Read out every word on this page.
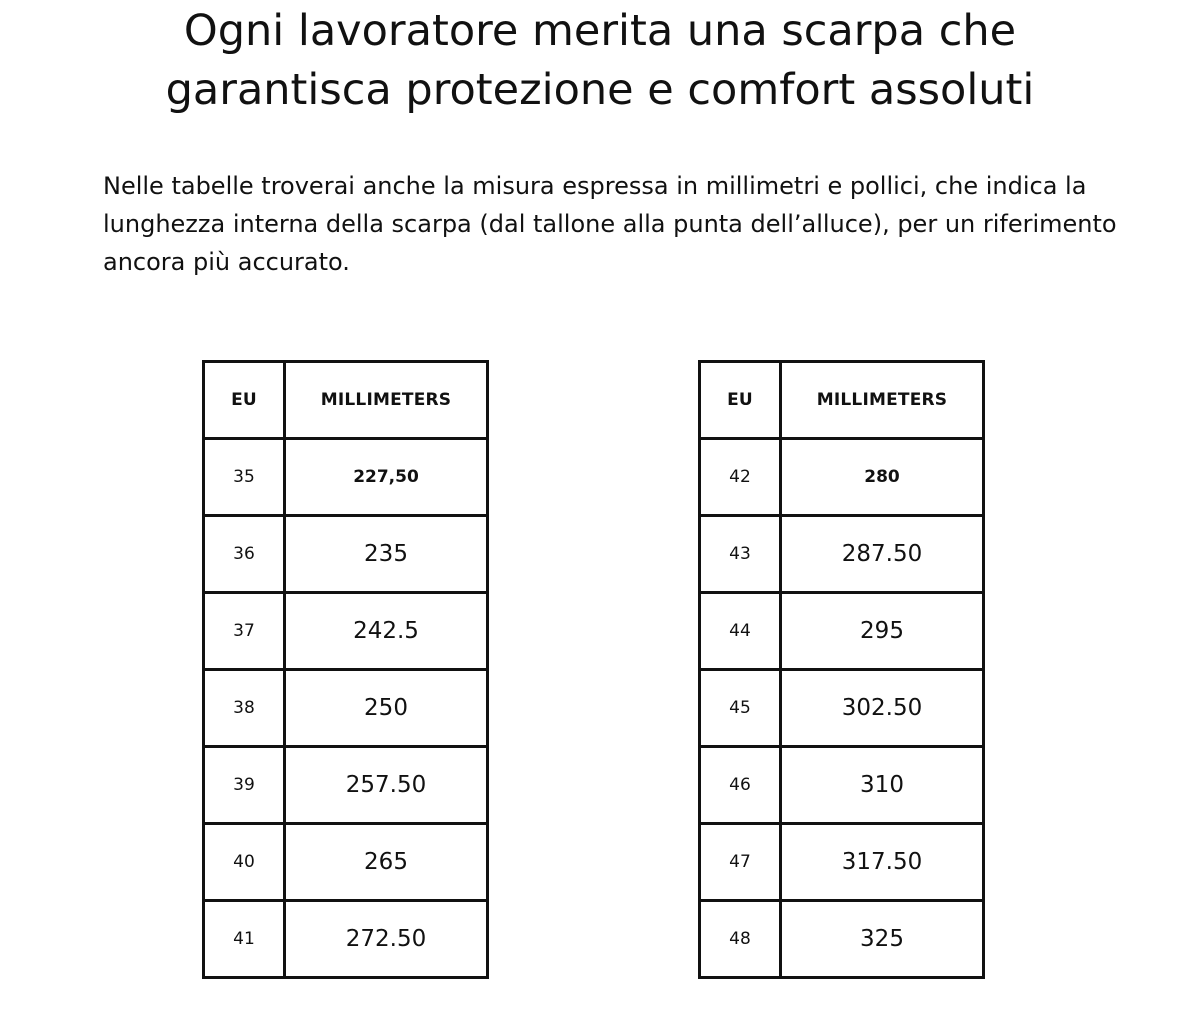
Ogni lavoratore merita una scarpa che
garantisca protezione e comfort assoluti

Nelle tabelle troverai anche la misura espressa in millimetri e pollici, che indica la lunghezza interna della scarpa (dal tallone alla punta dell’alluce), per un riferimento ancora più accurato.

EU	MILLIMETERS
35	227,50
36	235
37	242.5
38	250
39	257.50
40	265
41	272.50
EU	MILLIMETERS
42	280
43	287.50
44	295
45	302.50
46	310
47	317.50
48	325
